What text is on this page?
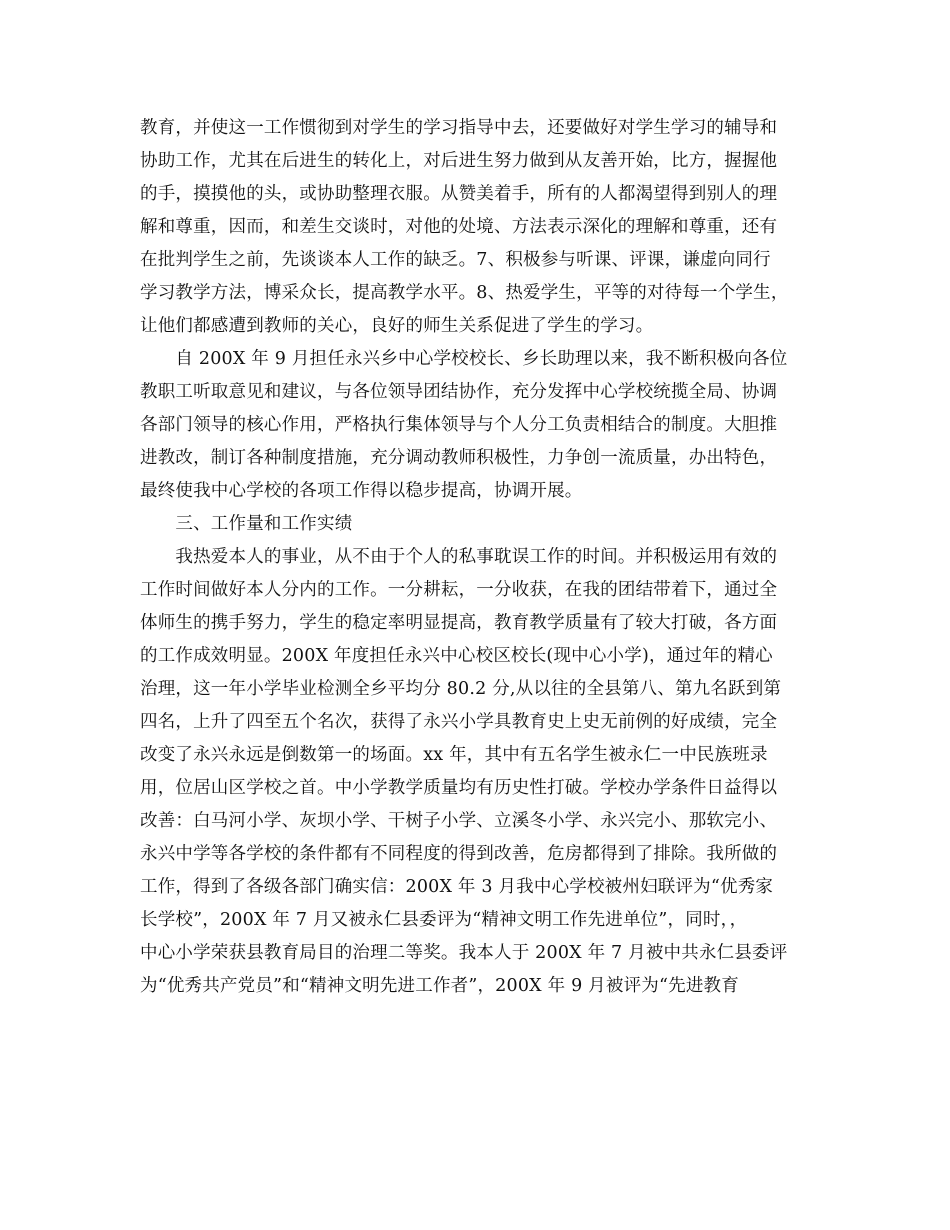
教育，并使这一工作惯彻到对学生的学习指导中去，还要做好对学生学习的辅导和
协助工作，尤其在后进生的转化上，对后进生努力做到从友善开始，比方，握握他
的手，摸摸他的头，或协助整理衣服。从赞美着手，所有的人都渴望得到别人的理
解和尊重，因而，和差生交谈时，对他的处境、方法表示深化的理解和尊重，还有
在批判学生之前，先谈谈本人工作的缺乏。7、积极参与听课、评课，谦虚向同行
学习教学方法，博采众长，提高教学水平。8、热爱学生，平等的对待每一个学生，
让他们都感遭到教师的关心，良好的师生关系促进了学生的学习。
　　自 200X 年 9 月担任永兴乡中心学校校长、乡长助理以来，我不断积极向各位
教职工听取意见和建议，与各位领导团结协作，充分发挥中心学校统揽全局、协调
各部门领导的核心作用，严格执行集体领导与个人分工负责相结合的制度。大胆推
进教改，制订各种制度措施，充分调动教师积极性，力争创一流质量，办出特色，
最终使我中心学校的各项工作得以稳步提高，协调开展。
　　三、工作量和工作实绩
　　我热爱本人的事业，从不由于个人的私事耽误工作的时间。并积极运用有效的
工作时间做好本人分内的工作。一分耕耘，一分收获，在我的团结带着下，通过全
体师生的携手努力，学生的稳定率明显提高，教育教学质量有了较大打破，各方面
的工作成效明显。200X 年度担任永兴中心校区校长(现中心小学)，通过年的精心
治理，这一年小学毕业检测全乡平均分 80.2 分,从以往的全县第八、第九名跃到第
四名，上升了四至五个名次，获得了永兴小学具教育史上史无前例的好成绩，完全
改变了永兴永远是倒数第一的场面。xx 年，其中有五名学生被永仁一中民族班录
用，位居山区学校之首。中小学教学质量均有历史性打破。学校办学条件日益得以
改善：白马河小学、灰坝小学、干树子小学、立溪冬小学、永兴完小、那软完小、
永兴中学等各学校的条件都有不同程度的得到改善，危房都得到了排除。我所做的
工作，得到了各级各部门确实信：200X 年 3 月我中心学校被州妇联评为“优秀家
长学校”，200X 年 7 月又被永仁县委评为“精神文明工作先进单位”，同时，，
中心小学荣获县教育局目的治理二等奖。我本人于 200X 年 7 月被中共永仁县委评
为“优秀共产党员”和“精神文明先进工作者”，200X 年 9 月被评为“先进教育
